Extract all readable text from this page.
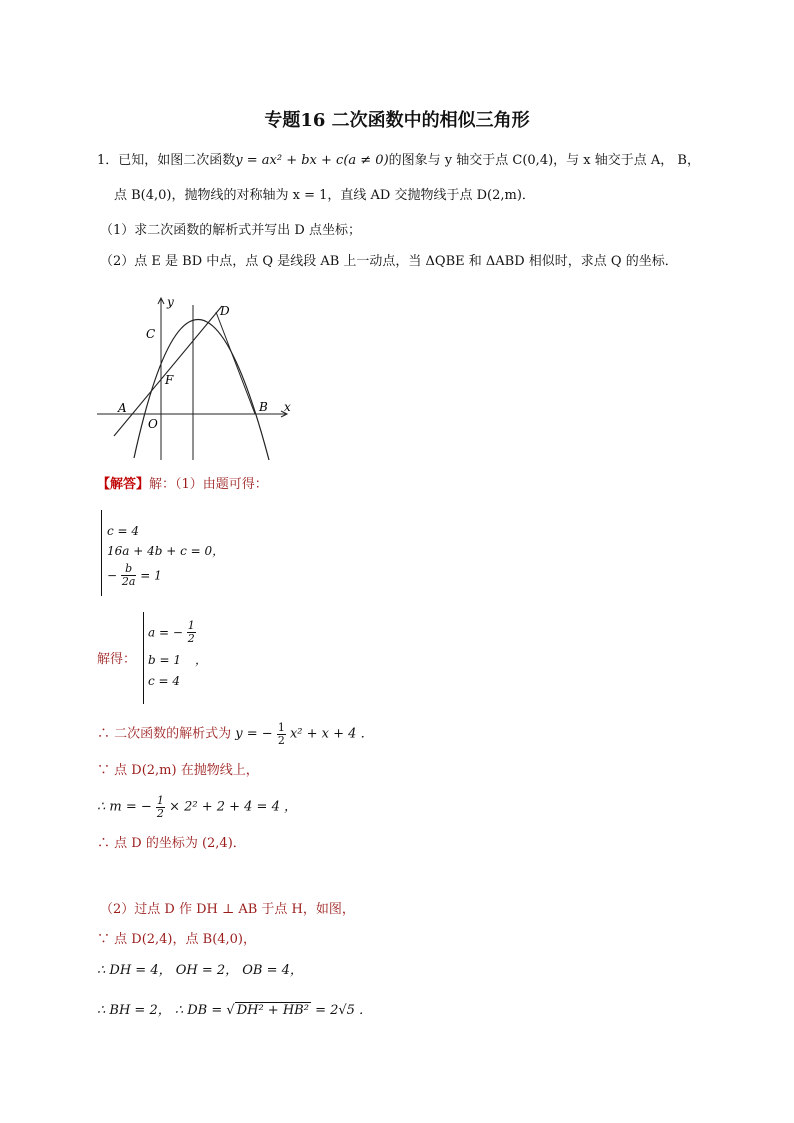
专题16 二次函数中的相似三角形
1．已知，如图二次函数y = ax² + bx + c(a ≠ 0)的图象与 y 轴交于点 C(0,4)，与 x 轴交于点 A， B，
点 B(4,0)，抛物线的对称轴为 x = 1，直线 AD 交抛物线于点 D(2,m)．
（1）求二次函数的解析式并写出 D 点坐标；
（2）点 E 是 BD 中点，点 Q 是线段 AB 上一动点，当 ΔQBE 和 ΔABD 相似时，求点 Q 的坐标．
y
x
D
C
F
A
O
B
【解答】解：（1）由题可得：
c = 4
16a + 4b + c = 0，
− $\frac{b}{2a} = 1$
解得：
a = − $\frac{1}{2}$
b = 1 ，
c = 4
∴ 二次函数的解析式为 y = − $\frac{1}{2} x^2 + x + 4$ ．
∵ 点 D(2,m) 在抛物线上，
∴ m = − $\frac{1}{2} \times 2^2 + 2 + 4 = 4$ ，
∴ 点 D 的坐标为 (2,4)．
（2）过点 D 作 DH ⊥ AB 于点 H，如图，
∵ 点 D(2,4)，点 B(4,0)，
∴ DH = 4， OH = 2， OB = 4，
∴ BH = 2， ∴ DB = √ DH² + HB² = 2√5 ．
